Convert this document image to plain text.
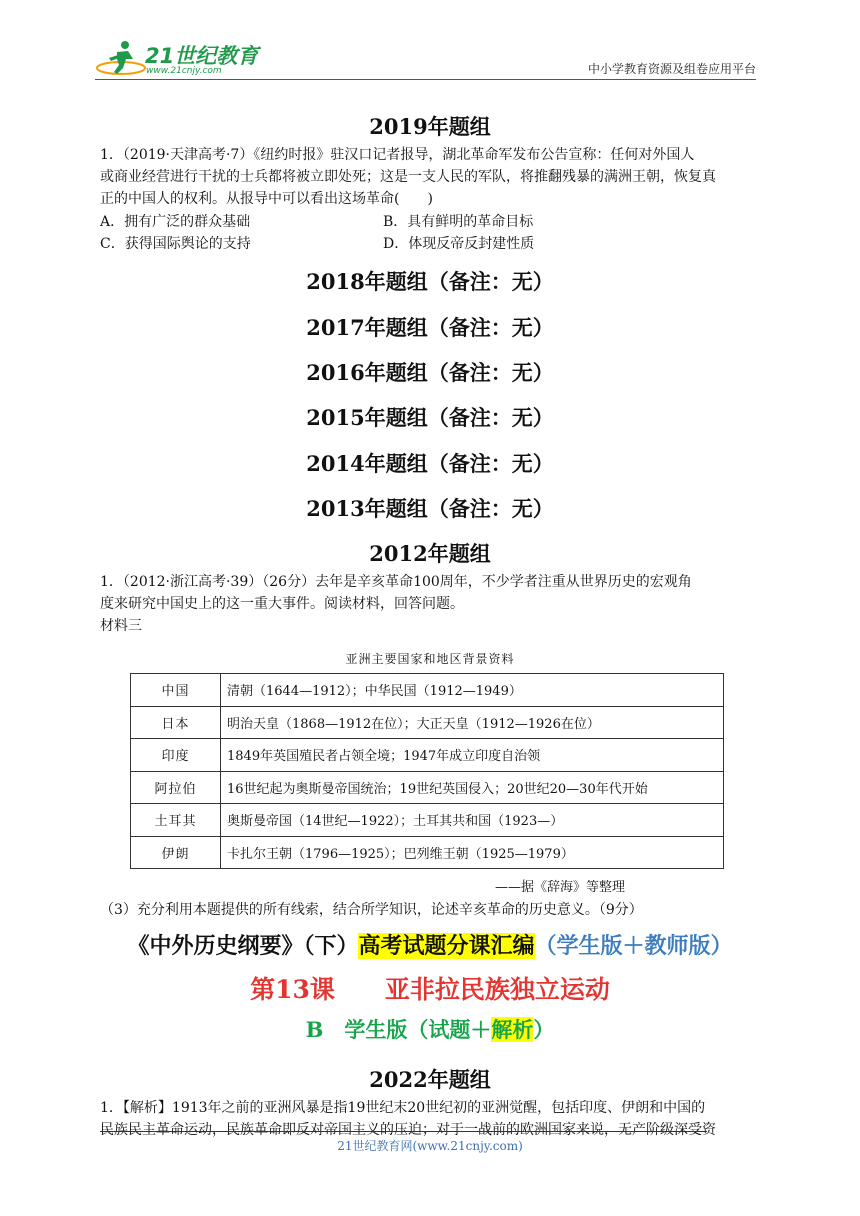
21世纪教育
www.21cnjy.com	中小学教育资源及组卷应用平台
2019年题组
1．（2019·天津高考·7）《纽约时报》驻汉口记者报导，湖北革命军发布公告宣称：任何对外国人
或商业经营进行干扰的士兵都将被立即处死；这是一支人民的军队，将推翻残暴的满洲王朝，恢复真
正的中国人的权利。从报导中可以看出这场革命(　　)
A．拥有广泛的群众基础	B．具有鲜明的革命目标
C．获得国际舆论的支持	D．体现反帝反封建性质
2018年题组（备注：无）
2017年题组（备注：无）
2016年题组（备注：无）
2015年题组（备注：无）
2014年题组（备注：无）
2013年题组（备注：无）
2012年题组
1．（2012·浙江高考·39）（26分）去年是辛亥革命100周年，不少学者注重从世界历史的宏观角
度来研究中国史上的这一重大事件。阅读材料，回答问题。
材料三
亚洲主要国家和地区背景资料
中国	清朝（1644—1912）；中华民国（1912—1949）
日本	明治天皇（1868—1912在位）；大正天皇（1912—1926在位）
印度	1849年英国殖民者占领全境；1947年成立印度自治领
阿拉伯	16世纪起为奥斯曼帝国统治；19世纪英国侵入；20世纪20—30年代开始
土耳其	奥斯曼帝国（14世纪—1922）；土耳其共和国（1923—）
伊朗	卡扎尔王朝（1796—1925）；巴列维王朝（1925—1979）
——据《辞海》等整理
（3）充分利用本题提供的所有线索，结合所学知识，论述辛亥革命的历史意义。（9分）
《中外历史纲要》（下）高考试题分课汇编（学生版＋教师版）
第13课　　亚非拉民族独立运动
B　学生版（试题＋解析）
2022年题组
1．【解析】1913年之前的亚洲风暴是指19世纪末20世纪初的亚洲觉醒，包括印度、伊朗和中国的
民族民主革命运动，民族革命即反对帝国主义的压迫；对于一战前的欧洲国家来说，无产阶级深受资
21世纪教育网(www.21cnjy.com)
